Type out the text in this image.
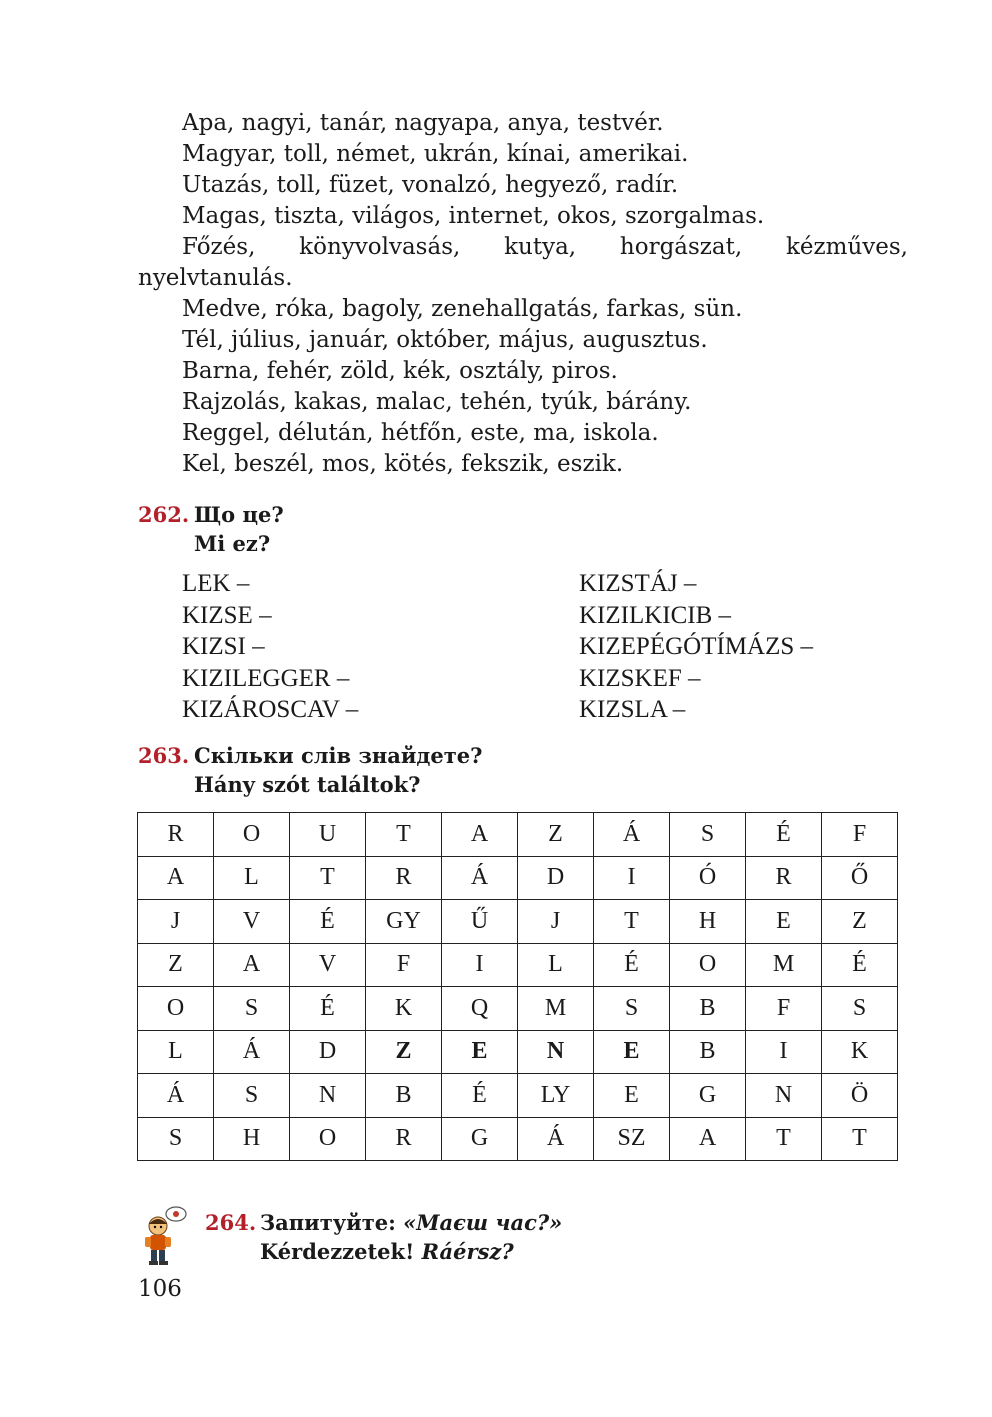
Apa, nagyi, tanár, nagyapa, anya, testvér.
Magyar, toll, német, ukrán, kínai, amerikai.
Utazás, toll, füzet, vonalzó, hegyező, radír.
Magas, tiszta, világos, internet, okos, szorgalmas.
Főzés, könyvolvasás, kutya, horgászat, kézműves, nyelvtanulás.
Medve, róka, bagoly, zenehallgatás, farkas, sün.
Tél, július, január, október, május, augusztus.
Barna, fehér, zöld, kék, osztály, piros.
Rajzolás, kakas, malac, tehén, tyúk, bárány.
Reggel, délután, hétfőn, este, ma, iskola.
Kel, beszél, mos, kötés, fekszik, eszik.
262. Що це?
Mi ez?
LEK –
KIZSE –
KIZSI –
KIZILEGGER –
KIZÁROSCAV –
KIZSTÁJ –
KIZILKICIB –
KIZEPÉGÓTÍMÁZS –
KIZSKEF –
KIZSLA –
263. Скільки слів знайдете?
Hány szót találtok?
R	O	U	T	A	Z	Á	S	É	F
A	L	T	R	Á	D	I	Ó	R	Ő
J	V	É	GY	Ű	J	T	H	E	Z
Z	A	V	F	I	L	É	O	M	É
O	S	É	K	Q	M	S	B	F	S
L	Á	D	Z	E	N	E	B	I	K
Á	S	N	B	É	LY	E	G	N	Ö
S	H	O	R	G	Á	SZ	A	T	T
264. Запитуйте: «Маєш час?»
Kérdezzetek! Ráérsz?
106
